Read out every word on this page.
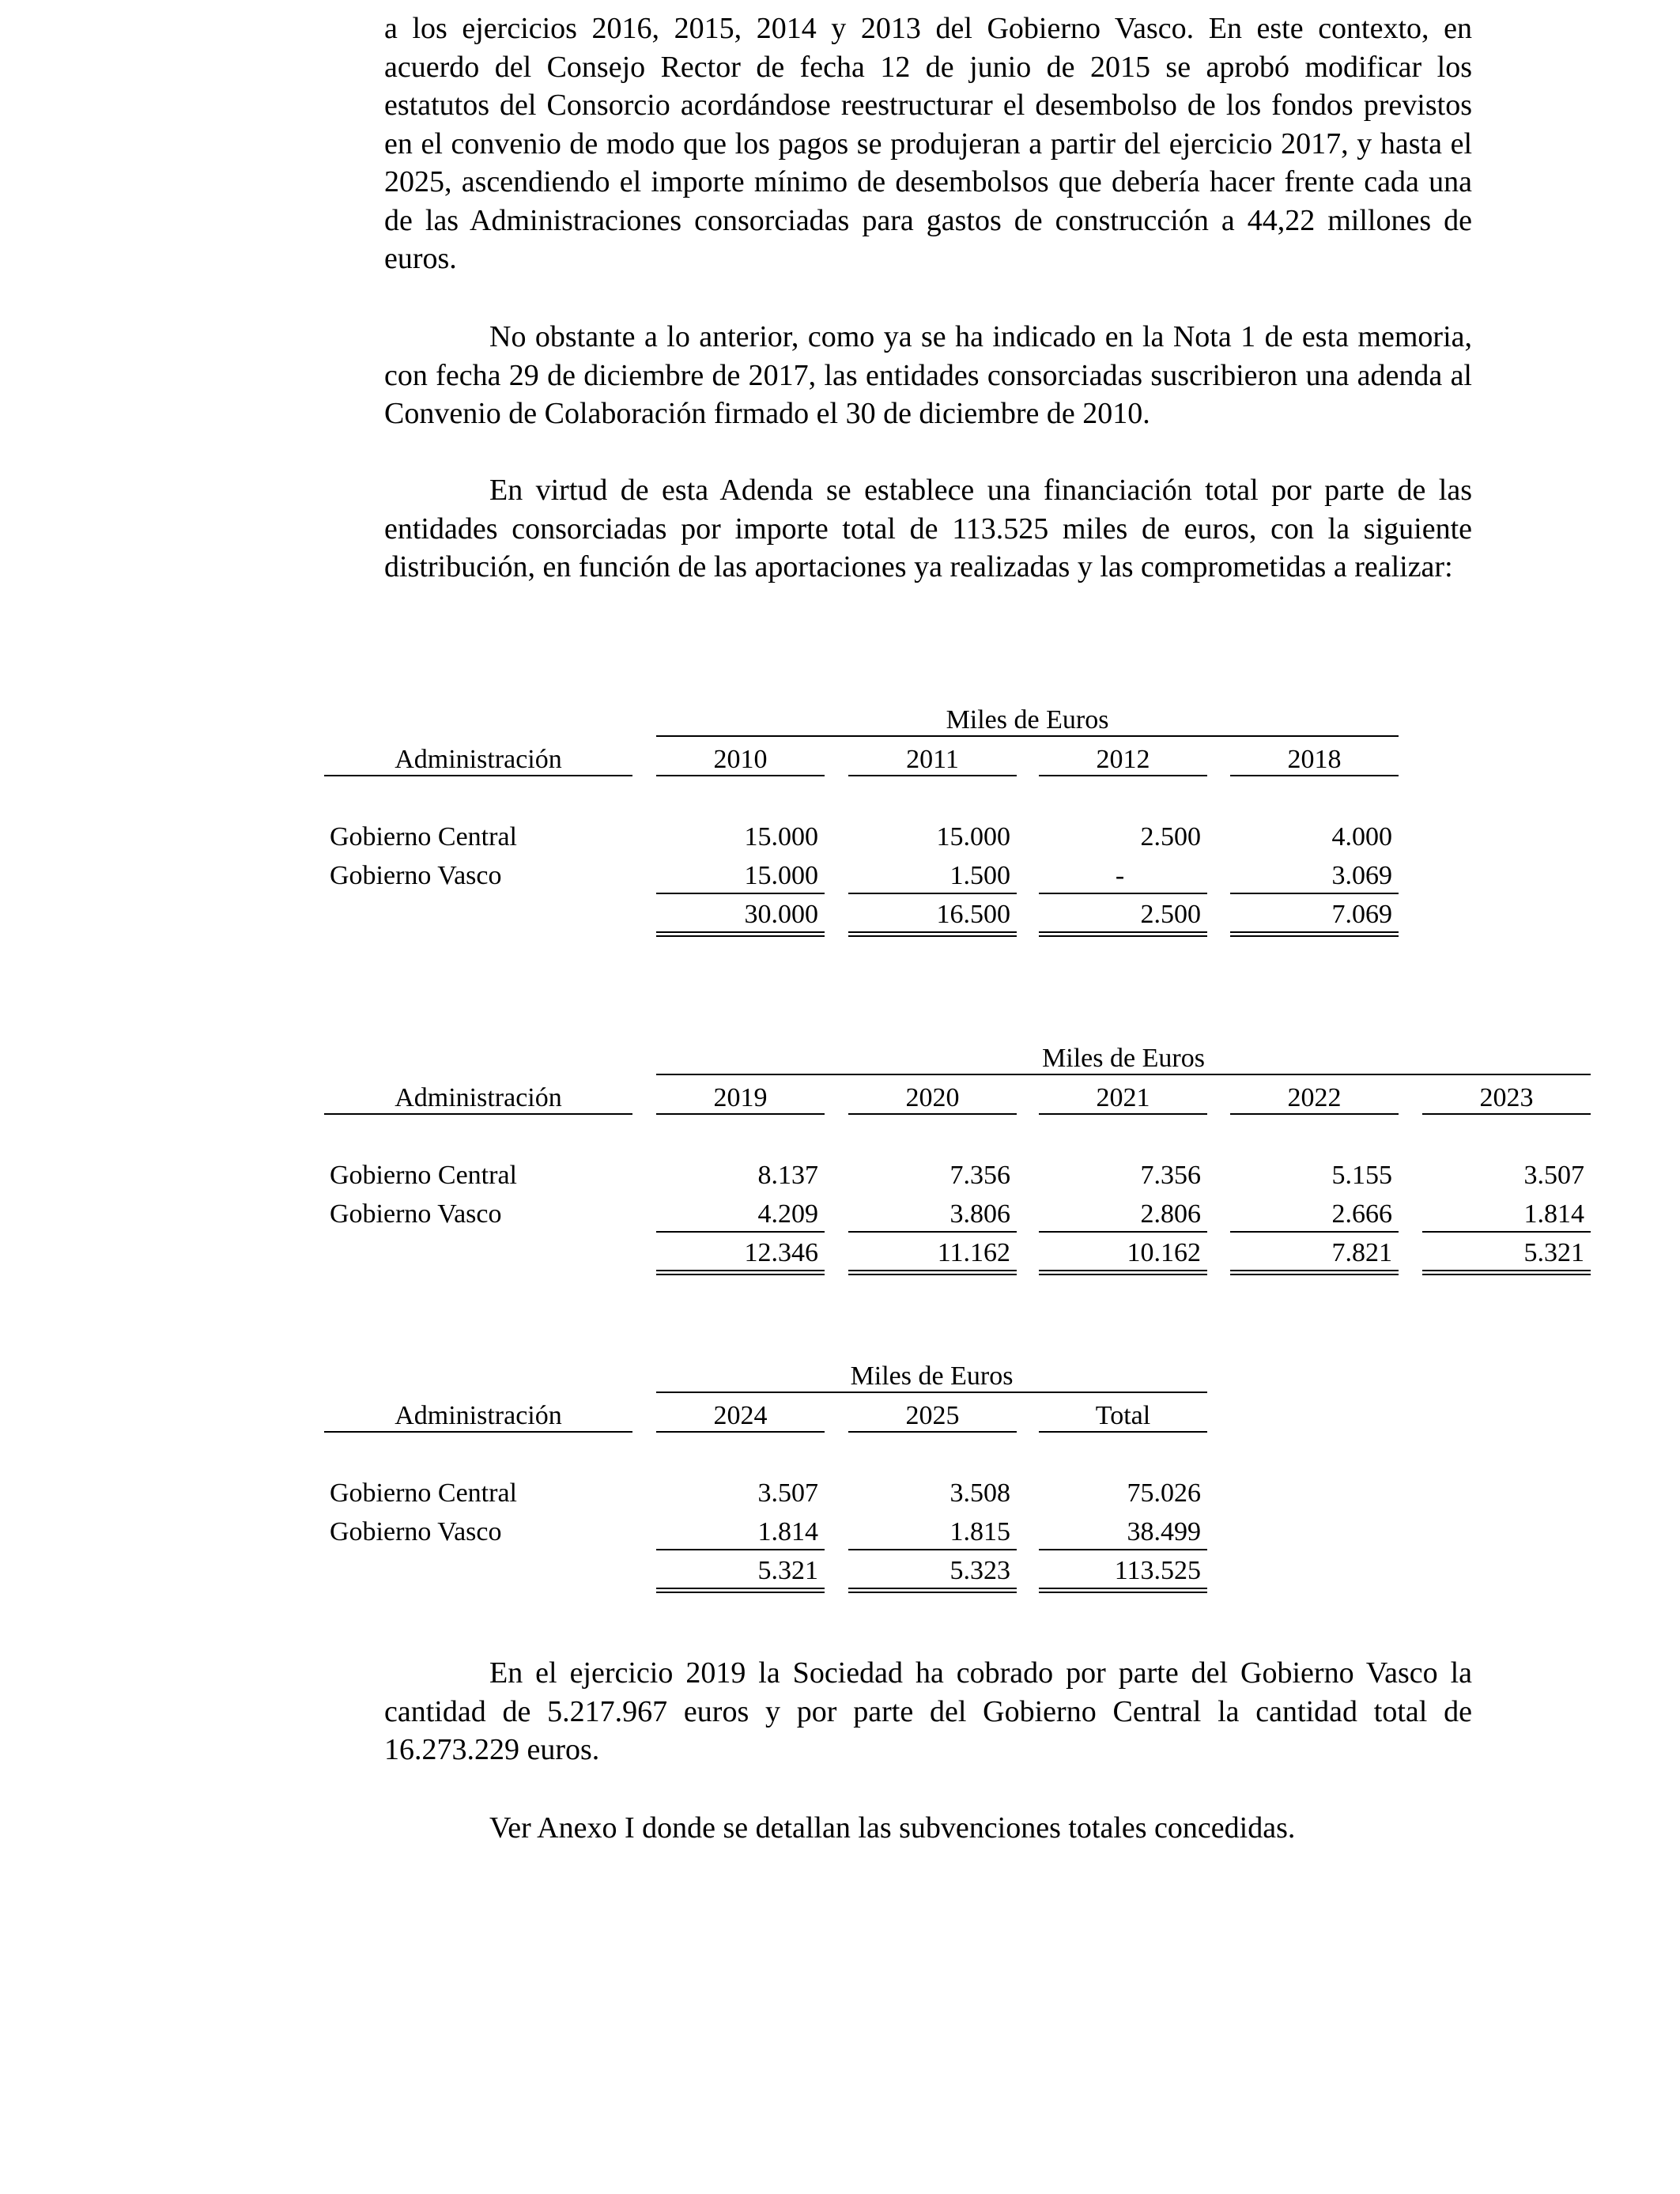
a los ejercicios 2016, 2015, 2014 y 2013 del Gobierno Vasco. En este contexto, en acuerdo del Consejo Rector de fecha 12 de junio de 2015 se aprobó modificar los estatutos del Consorcio acordándose reestructurar el desembolso de los fondos previstos en el convenio de modo que los pagos se produjeran a partir del ejercicio 2017, y hasta el 2025, ascendiendo el importe mínimo de desembolsos que debería hacer frente cada una de las Administraciones consorciadas para gastos de construcción a 44,22 millones de euros.

No obstante a lo anterior, como ya se ha indicado en la Nota 1 de esta memoria, con fecha 29 de diciembre de 2017, las entidades consorciadas suscribieron una adenda al Convenio de Colaboración firmado el 30 de diciembre de 2010.

En virtud de esta Adenda se establece una financiación total por parte de las entidades consorciadas por importe total de 113.525 miles de euros, con la siguiente distribución, en función de las aportaciones ya realizadas y las comprometidas a realizar:

Miles de Euros
Administración	2010	2011	2012	2018
Gobierno Central	15.000	15.000	2.500	4.000
Gobierno Vasco	15.000	1.500	-	3.069
30.000	16.500	2.500	7.069
Miles de Euros
Administración	2019	2020	2021	2022	2023
Gobierno Central	8.137	7.356	7.356	5.155	3.507
Gobierno Vasco	4.209	3.806	2.806	2.666	1.814
12.346	11.162	10.162	7.821	5.321
Miles de Euros
Administración	2024	2025	Total
Gobierno Central	3.507	3.508	75.026
Gobierno Vasco	1.814	1.815	38.499
5.321	5.323	113.525

En el ejercicio 2019 la Sociedad ha cobrado por parte del Gobierno Vasco la cantidad de 5.217.967 euros y por parte del Gobierno Central la cantidad total de 16.273.229 euros.

Ver Anexo I donde se detallan las subvenciones totales concedidas.
